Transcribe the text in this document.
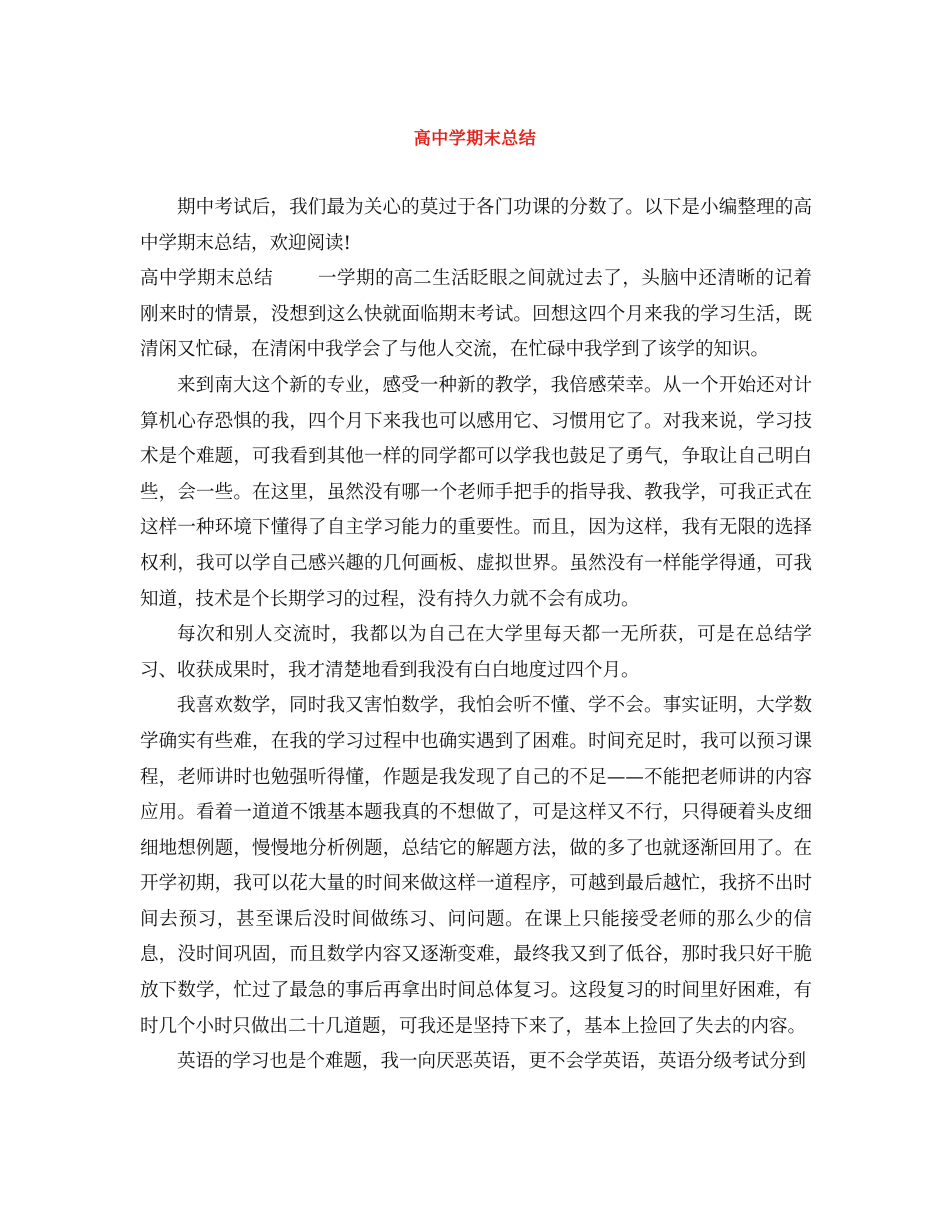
高中学期末总结

期中考试后，我们最为关心的莫过于各门功课的分数了。以下是小编整理的高中学期末总结，欢迎阅读!

高中学期末总结 一学期的高二生活眨眼之间就过去了，头脑中还清晰的记着刚来时的情景，没想到这么快就面临期末考试。回想这四个月来我的学习生活，既清闲又忙碌，在清闲中我学会了与他人交流，在忙碌中我学到了该学的知识。

来到南大这个新的专业，感受一种新的教学，我倍感荣幸。从一个开始还对计算机心存恐惧的我，四个月下来我也可以感用它、习惯用它了。对我来说，学习技术是个难题，可我看到其他一样的同学都可以学我也鼓足了勇气，争取让自己明白些，会一些。在这里，虽然没有哪一个老师手把手的指导我、教我学，可我正式在这样一种环境下懂得了自主学习能力的重要性。而且，因为这样，我有无限的选择权利，我可以学自己感兴趣的几何画板、虚拟世界。虽然没有一样能学得通，可我知道，技术是个长期学习的过程，没有持久力就不会有成功。

每次和别人交流时，我都以为自己在大学里每天都一无所获，可是在总结学习、收获成果时，我才清楚地看到我没有白白地度过四个月。

我喜欢数学，同时我又害怕数学，我怕会听不懂、学不会。事实证明，大学数学确实有些难，在我的学习过程中也确实遇到了困难。时间充足时，我可以预习课程，老师讲时也勉强听得懂，作题是我发现了自己的不足——不能把老师讲的内容应用。看着一道道不饿基本题我真的不想做了，可是这样又不行，只得硬着头皮细细地想例题，慢慢地分析例题，总结它的解题方法，做的多了也就逐渐回用了。在开学初期，我可以花大量的时间来做这样一道程序，可越到最后越忙，我挤不出时间去预习，甚至课后没时间做练习、问问题。在课上只能接受老师的那么少的信息，没时间巩固，而且数学内容又逐渐变难，最终我又到了低谷，那时我只好干脆放下数学，忙过了最急的事后再拿出时间总体复习。这段复习的时间里好困难，有时几个小时只做出二十几道题，可我还是坚持下来了，基本上捡回了失去的内容。

英语的学习也是个难题，我一向厌恶英语，更不会学英语，英语分级考试分到
